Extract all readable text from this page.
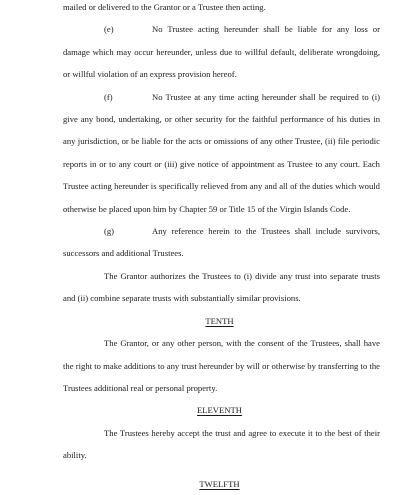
mailed or delivered to the Grantor or a Trustee then acting.

(e)	No Trustee acting hereunder shall be liable for any loss or damage which may occur hereunder, unless due to willful default, deliberate wrongdoing, or willful violation of an express provision hereof.

(f)	No Trustee at any time acting hereunder shall be required to (i) give any bond, undertaking, or other security for the faithful performance of his duties in any jurisdiction, or be liable for the acts or omissions of any other Trustee, (ii) file periodic reports in or to any court or (iii) give notice of appointment as Trustee to any court. Each Trustee acting hereunder is specifically relieved from any and all of the duties which would otherwise be placed upon him by Chapter 59 or Title 15 of the Virgin Islands Code.

(g)	Any reference herein to the Trustees shall include survivors, successors and additional Trustees.

The Grantor authorizes the Trustees to (i) divide any trust into separate trusts and (ii) combine separate trusts with substantially similar provisions.

TENTH

The Grantor, or any other person, with the consent of the Trustees, shall have the right to make additions to any trust hereunder by will or otherwise by transferring to the Trustees additional real or personal property.

ELEVENTH

The Trustees hereby accept the trust and agree to execute it to the best of their ability.

TWELFTH
